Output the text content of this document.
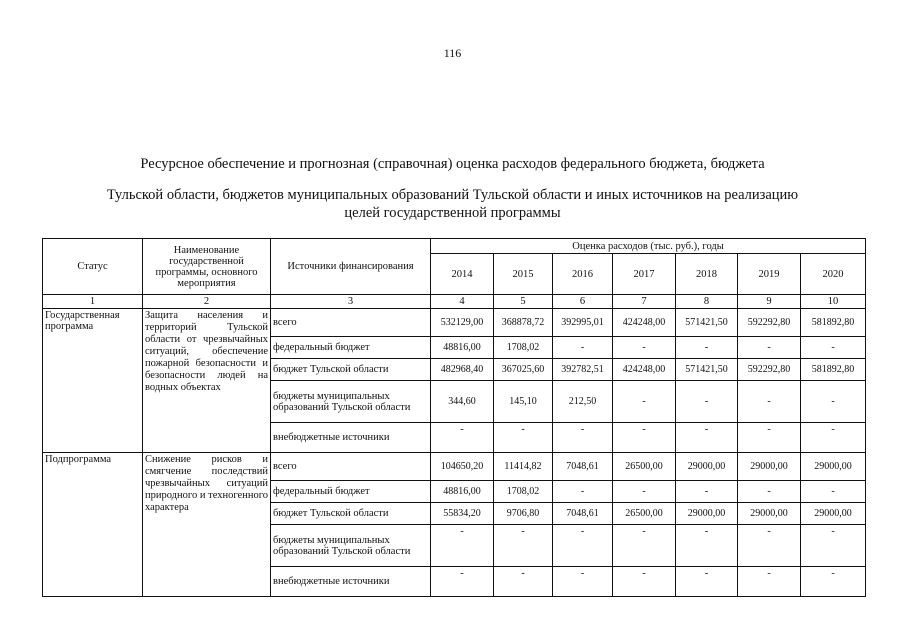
116
Ресурсное обеспечение и прогнозная (справочная) оценка расходов федерального бюджета, бюджета
Тульской области, бюджетов муниципальных образований Тульской области и иных источников на реализацию
целей государственной программы
Статус	Наименование государственной программы, основного мероприятия	Источники финансирования	Оценка расходов (тыс. руб.), годы						
			2014	2015	2016	2017	2018	2019	2020
1	2	3	4	5	6	7	8	9	10
Государственная программа	Защита населения и территорий Тульской области от чрезвычайных ситуаций, обеспечение пожарной безопасности и безопасности людей на водных объектах	всего	532129,00	368878,72	392995,01	424248,00	571421,50	592292,80	581892,80
		федеральный бюджет	48816,00	1708,02	-	-	-	-	-
		бюджет Тульской области	482968,40	367025,60	392782,51	424248,00	571421,50	592292,80	581892,80
		бюджеты муниципальных образований Тульской области	344,60	145,10	212,50	-	-	-	-
		внебюджетные источники	-	-	-	-	-	-	-
Подпрограмма	Снижение рисков и смягчение последствий чрезвычайных ситуаций природного и техногенного характера	всего	104650,20	11414,82	7048,61	26500,00	29000,00	29000,00	29000,00
		федеральный бюджет	48816,00	1708,02	-	-	-	-	-
		бюджет Тульской области	55834,20	9706,80	7048,61	26500,00	29000,00	29000,00	29000,00
		бюджеты муниципальных образований Тульской области	-	-	-	-	-	-	-
		внебюджетные источники	-	-	-	-	-	-	-
